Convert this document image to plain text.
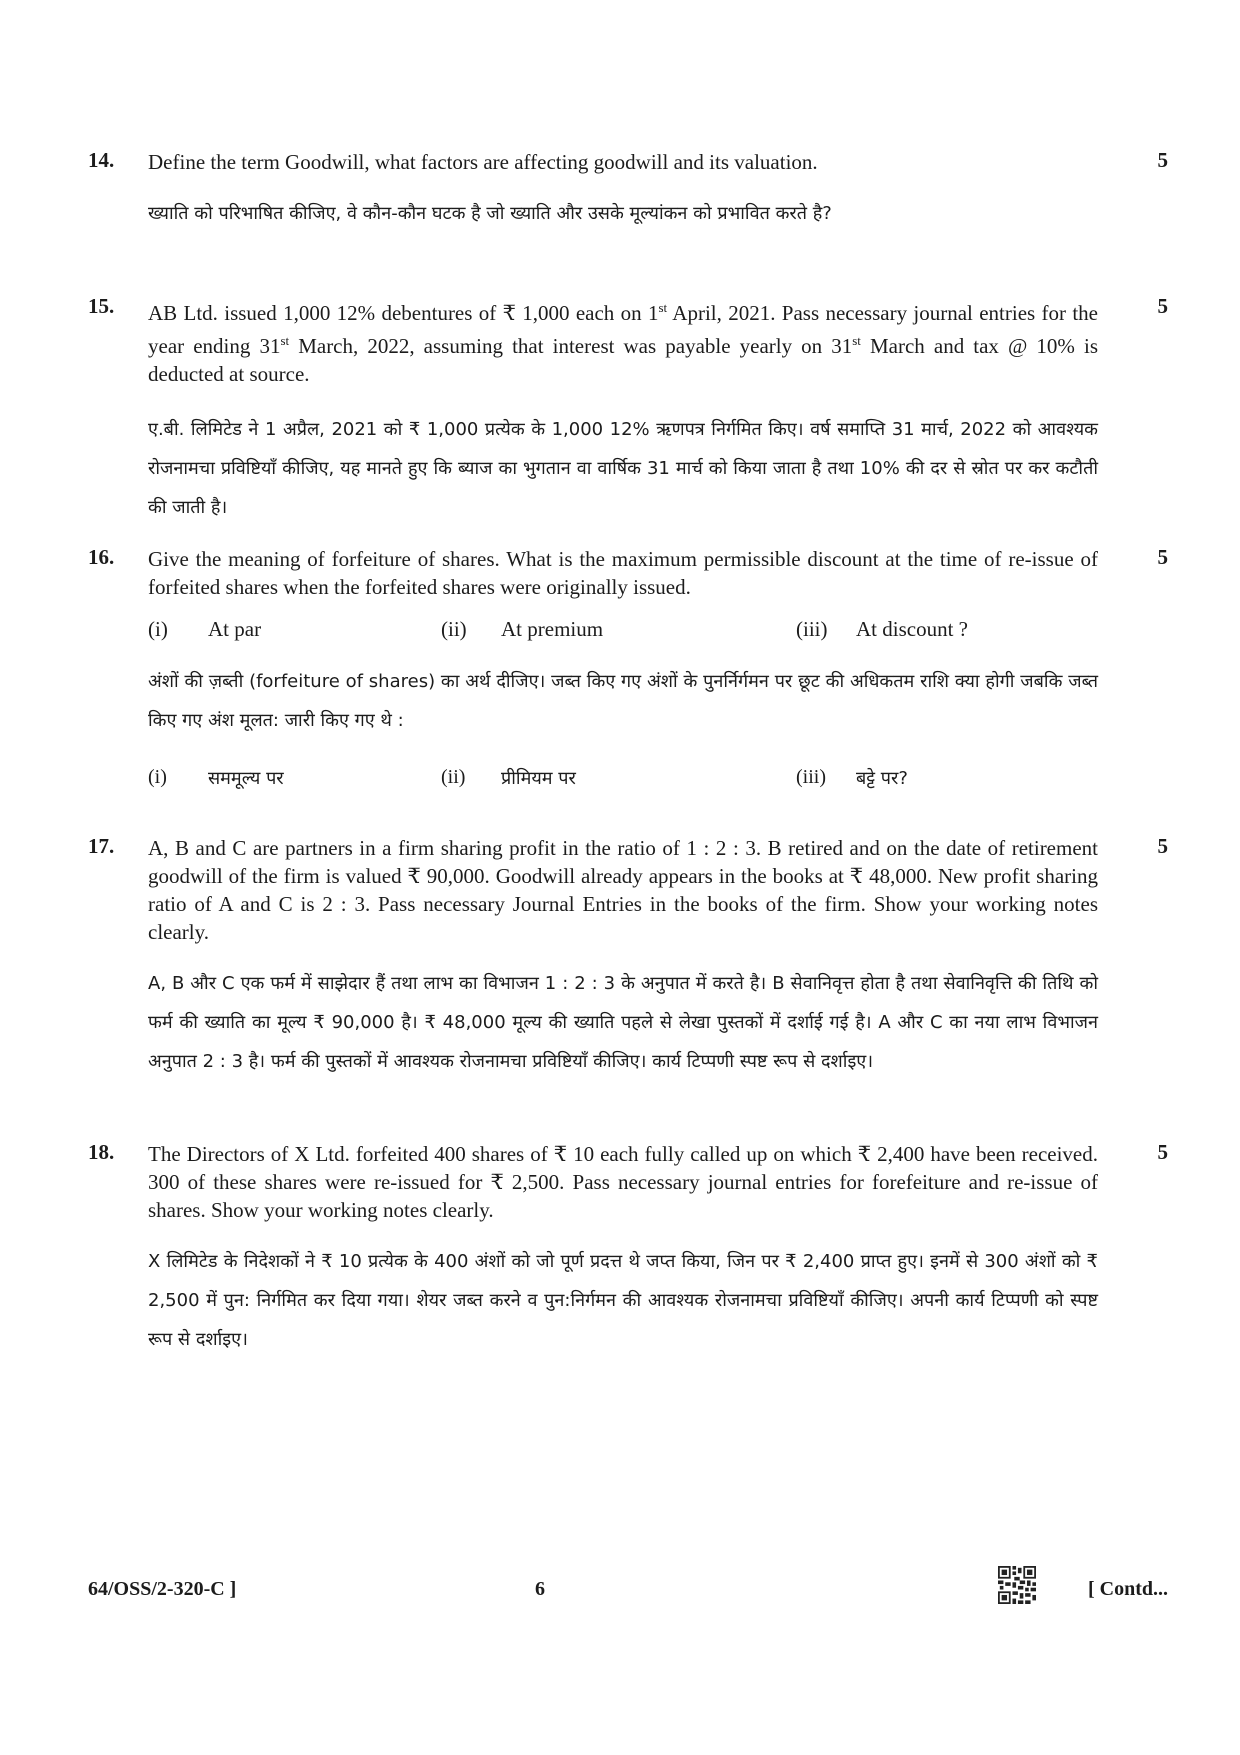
14.	5

Define the term Goodwill, what factors are affecting goodwill and its valuation.

ख्याति को परिभाषित कीजिए, वे कौन-कौन घटक है जो ख्याति और उसके मूल्यांकन को प्रभावित करते है?

15.	5

AB Ltd. issued 1,000 12% debentures of ₹ 1,000 each on 1st April, 2021. Pass necessary journal entries for the year ending 31st March, 2022, assuming that interest was payable yearly on 31st March and tax @ 10% is deducted at source.

ए.बी. लिमिटेड ने 1 अप्रैल, 2021 को ₹ 1,000 प्रत्येक के 1,000 12% ऋणपत्र निर्गमित किए। वर्ष समाप्ति 31 मार्च, 2022 को आवश्यक रोजनामचा प्रविष्टियाँ कीजिए, यह मानते हुए कि ब्याज का भुगतान वा वार्षिक 31 मार्च को किया जाता है तथा 10% की दर से स्रोत पर कर कटौती की जाती है।

16.	5

Give the meaning of forfeiture of shares. What is the maximum permissible discount at the time of re-issue of forfeited shares when the forfeited shares were originally issued.

(i)	At par	(ii)	At premium	(iii)	At discount ?

अंशों की ज़ब्ती (forfeiture of shares) का अर्थ दीजिए। जब्त किए गए अंशों के पुनर्निर्गमन पर छूट की अधिकतम राशि क्या होगी जबकि जब्त किए गए अंश मूलत: जारी किए गए थे :

(i)	सममूल्य पर	(ii)	प्रीमियम पर	(iii)	बट्टे पर?
17.	5

A, B and C are partners in a firm sharing profit in the ratio of 1 : 2 : 3. B retired and on the date of retirement goodwill of the firm is valued ₹ 90,000. Goodwill already appears in the books at ₹ 48,000. New profit sharing ratio of A and C is 2 : 3. Pass necessary Journal Entries in the books of the firm. Show your working notes clearly.

A, B और C एक फर्म में साझेदार हैं तथा लाभ का विभाजन 1 : 2 : 3 के अनुपात में करते है। B सेवानिवृत्त होता है तथा सेवानिवृत्ति की तिथि को फर्म की ख्याति का मूल्य ₹ 90,000 है। ₹ 48,000 मूल्य की ख्याति पहले से लेखा पुस्तकों में दर्शाई गई है। A और C का नया लाभ विभाजन अनुपात 2 : 3 है। फर्म की पुस्तकों में आवश्यक रोजनामचा प्रविष्टियाँ कीजिए। कार्य टिप्पणी स्पष्ट रूप से दर्शाइए।

18.	5

The Directors of X Ltd. forfeited 400 shares of ₹ 10 each fully called up on which ₹ 2,400 have been received. 300 of these shares were re-issued for ₹ 2,500. Pass necessary journal entries for forefeiture and re-issue of shares. Show your working notes clearly.

X लिमिटेड के निदेशकों ने ₹ 10 प्रत्येक के 400 अंशों को जो पूर्ण प्रदत्त थे जप्त किया, जिन पर ₹ 2,400 प्राप्त हुए। इनमें से 300 अंशों को ₹ 2,500 में पुन: निर्गमित कर दिया गया। शेयर जब्त करने व पुन:निर्गमन की आवश्यक रोजनामचा प्रविष्टियाँ कीजिए। अपनी कार्य टिप्पणी को स्पष्ट रूप से दर्शाइए।

64/OSS/2-320-C ]	6	[ Contd...
